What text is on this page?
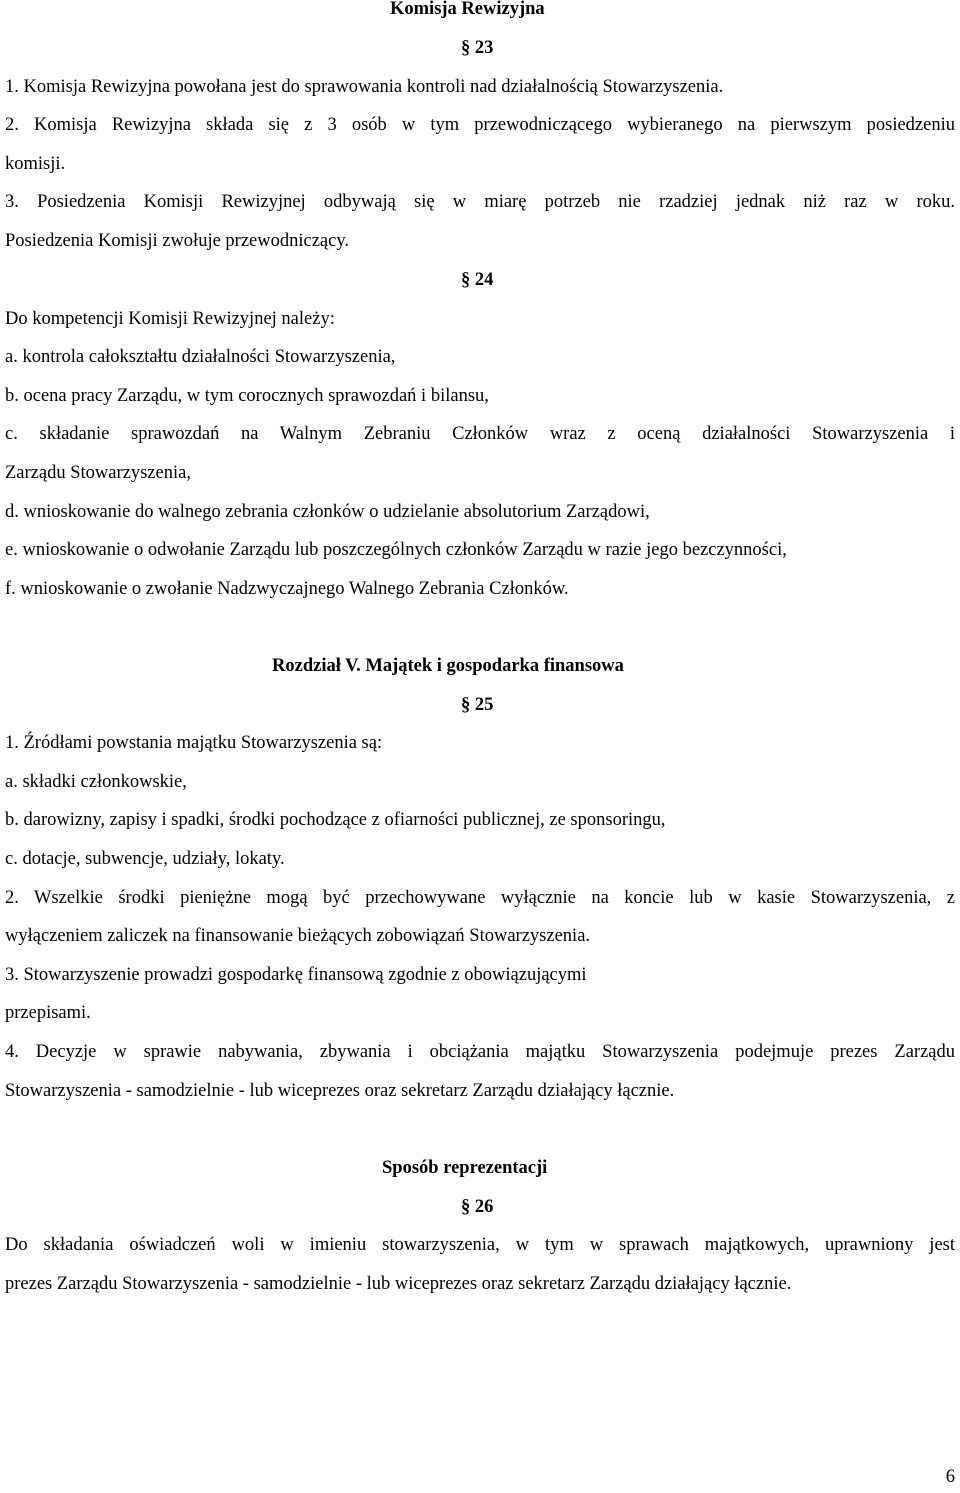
Komisja Rewizyjna
§ 23
1. Komisja Rewizyjna powołana jest do sprawowania kontroli nad działalnością Stowarzyszenia.
2. Komisja Rewizyjna składa się z 3 osób w tym przewodniczącego wybieranego na pierwszym posiedzeniu
komisji.
3. Posiedzenia Komisji Rewizyjnej odbywają się w miarę potrzeb nie rzadziej jednak niż raz w roku.
Posiedzenia Komisji zwołuje przewodniczący.
§ 24
Do kompetencji Komisji Rewizyjnej należy:
a. kontrola całokształtu działalności Stowarzyszenia,
b. ocena pracy Zarządu, w tym corocznych sprawozdań i bilansu,
c. składanie sprawozdań na Walnym Zebraniu Członków wraz z oceną działalności Stowarzyszenia i
Zarządu Stowarzyszenia,
d. wnioskowanie do walnego zebrania członków o udzielanie absolutorium Zarządowi,
e. wnioskowanie o odwołanie Zarządu lub poszczególnych członków Zarządu w razie jego bezczynności,
f. wnioskowanie o zwołanie Nadzwyczajnego Walnego Zebrania Członków.
Rozdział V. Majątek i gospodarka finansowa
§ 25
1. Źródłami powstania majątku Stowarzyszenia są:
a. składki członkowskie,
b. darowizny, zapisy i spadki, środki pochodzące z ofiarności publicznej, ze sponsoringu,
c. dotacje, subwencje, udziały, lokaty.
2. Wszelkie środki pieniężne mogą być przechowywane wyłącznie na koncie lub w kasie Stowarzyszenia, z
wyłączeniem zaliczek na finansowanie bieżących zobowiązań Stowarzyszenia.
3. Stowarzyszenie prowadzi gospodarkę finansową zgodnie z obowiązującymi
przepisami.
4. Decyzje w sprawie nabywania, zbywania i obciążania majątku Stowarzyszenia podejmuje prezes Zarządu
Stowarzyszenia - samodzielnie - lub wiceprezes oraz sekretarz Zarządu działający łącznie.
Sposób reprezentacji
§ 26
Do składania oświadczeń woli w imieniu stowarzyszenia, w tym w sprawach majątkowych, uprawniony jest
prezes Zarządu Stowarzyszenia - samodzielnie - lub wiceprezes oraz sekretarz Zarządu działający łącznie.
6
